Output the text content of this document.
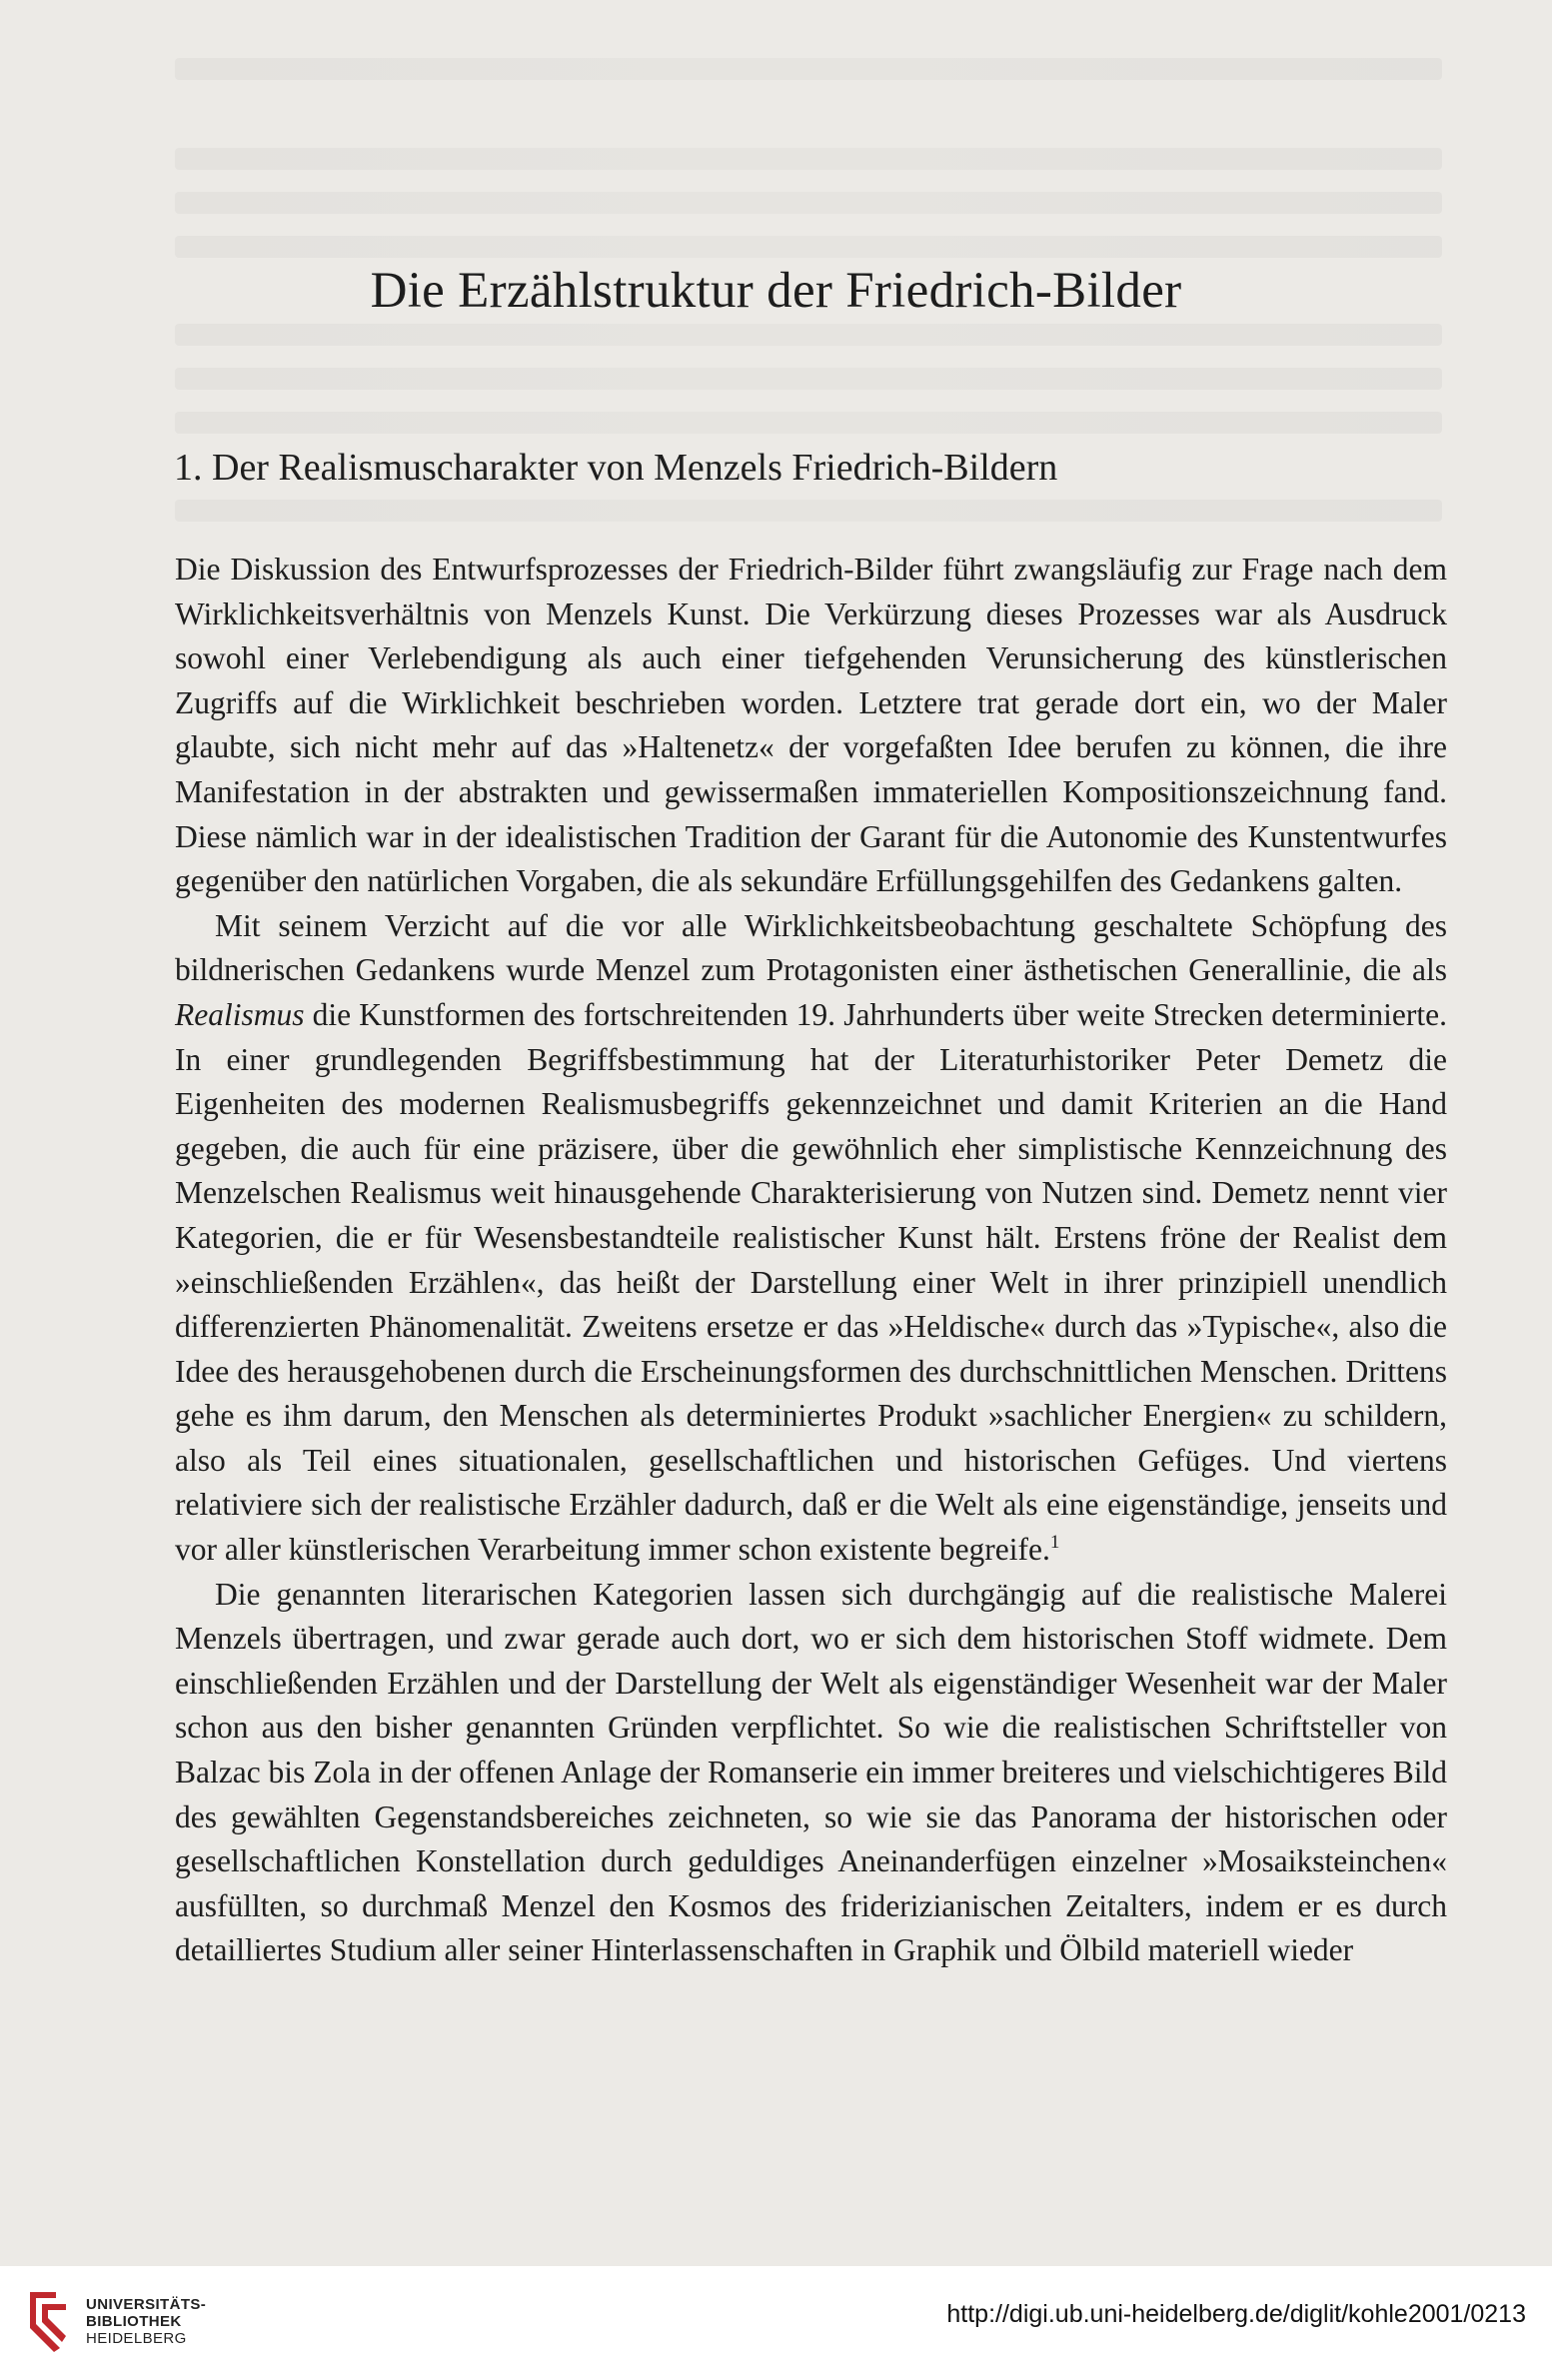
Die Erzählstruktur der Friedrich-Bilder
1. Der Realismuscharakter von Menzels Friedrich-Bildern

Die Diskussion des Entwurfsprozesses der Friedrich-Bilder führt zwangsläufig zur Frage nach dem Wirklichkeitsverhältnis von Menzels Kunst. Die Verkürzung dieses Prozesses war als Ausdruck sowohl einer Verlebendigung als auch einer tiefgehenden Verunsicherung des künstlerischen Zugriffs auf die Wirklichkeit beschrieben worden. Letztere trat gerade dort ein, wo der Maler glaubte, sich nicht mehr auf das »Haltenetz« der vorgefaßten Idee berufen zu können, die ihre Manifestation in der abstrakten und gewissermaßen immateriellen Kompositionszeichnung fand. Diese nämlich war in der idealistischen Tradition der Garant für die Autonomie des Kunstentwurfes gegenüber den natürlichen Vorgaben, die als sekundäre Erfüllungsgehilfen des Gedankens galten.

Mit seinem Verzicht auf die vor alle Wirklichkeitsbeobachtung geschaltete Schöpfung des bildnerischen Gedankens wurde Menzel zum Protagonisten einer ästhetischen Generallinie, die als Realismus die Kunstformen des fortschreitenden 19. Jahrhunderts über weite Strecken determinierte. In einer grundlegenden Begriffsbestimmung hat der Literaturhistoriker Peter Demetz die Eigenheiten des modernen Realismusbegriffs gekennzeichnet und damit Kriterien an die Hand gegeben, die auch für eine präzisere, über die gewöhnlich eher simplistische Kennzeichnung des Menzelschen Realismus weit hinausgehende Charakterisierung von Nutzen sind. Demetz nennt vier Kategorien, die er für Wesensbestandteile realistischer Kunst hält. Erstens fröne der Realist dem »einschließenden Erzählen«, das heißt der Darstellung einer Welt in ihrer prinzipiell unendlich differenzierten Phänomenalität. Zweitens ersetze er das »Heldische« durch das »Typische«, also die Idee des herausgehobenen durch die Erscheinungsformen des durchschnittlichen Menschen. Drittens gehe es ihm darum, den Menschen als determiniertes Produkt »sachlicher Energien« zu schildern, also als Teil eines situationalen, gesellschaftlichen und historischen Gefüges. Und viertens relativiere sich der realistische Erzähler dadurch, daß er die Welt als eine eigenständige, jenseits und vor aller künstlerischen Verarbeitung immer schon existente begreife.$^1$

Die genannten literarischen Kategorien lassen sich durchgängig auf die realistische Malerei Menzels übertragen, und zwar gerade auch dort, wo er sich dem historischen Stoff widmete. Dem einschließenden Erzählen und der Darstellung der Welt als eigenständiger Wesenheit war der Maler schon aus den bisher genannten Gründen verpflichtet. So wie die realistischen Schriftsteller von Balzac bis Zola in der offenen Anlage der Romanserie ein immer breiteres und vielschichtigeres Bild des gewählten Gegenstandsbereiches zeichneten, so wie sie das Panorama der historischen oder gesellschaftlichen Konstellation durch geduldiges Aneinanderfügen einzelner »Mosaiksteinchen« ausfüllten, so durchmaß Menzel den Kosmos des friderizianischen Zeitalters, indem er es durch detailliertes Studium aller seiner Hinterlassenschaften in Graphik und Ölbild materiell wieder

UNIVERSITÄTS-
BIBLIOTHEK
HEIDELBERG
http://digi.ub.uni-heidelberg.de/diglit/kohle2001/0213
